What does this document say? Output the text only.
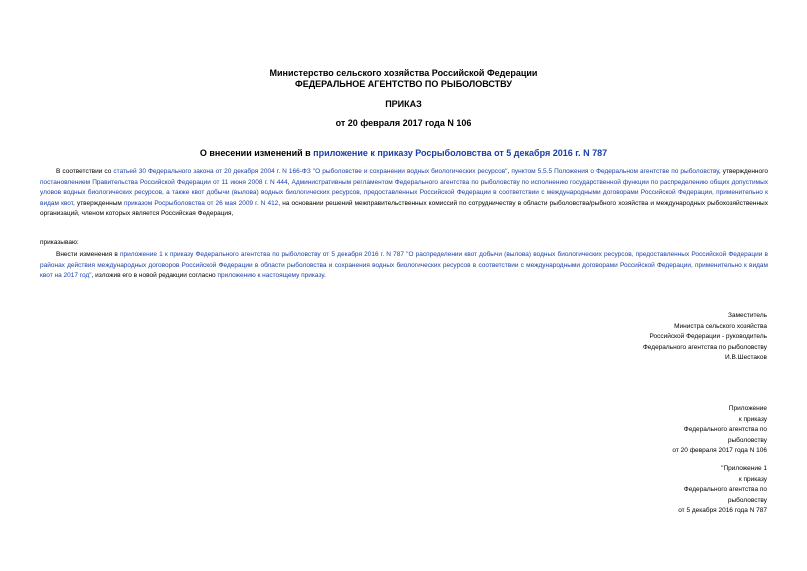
Министерство сельского хозяйства Российской Федерации
ФЕДЕРАЛЬНОЕ АГЕНТСТВО ПО РЫБОЛОВСТВУ
ПРИКАЗ
от 20 февраля 2017 года N 106
О внесении изменений в приложение к приказу Росрыболовства от 5 декабря 2016 г. N 787
В соответствии со статьей 30 Федерального закона от 20 декабря 2004 г. N 166-ФЗ "О рыболовстве и сохранении водных биологических ресурсов", пунктом 5.5.5 Положения о Федеральном агентстве по рыболовству, утвержденного постановлением Правительства Российской Федерации от 11 июня 2008 г. N 444, Административным регламентом Федерального агентства по рыболовству по исполнению государственной функции по распределению общих допустимых уловов водных биологических ресурсов, а также квот добычи (вылова) водных биологических ресурсов, предоставленных Российской Федерации в соответствии с международными договорами Российской Федерации, применительно к видам квот, утвержденным приказом Росрыболовства от 26 мая 2009 г. N 412, на основании решений межправительственных комиссий по сотрудничеству в области рыболовства/рыбного хозяйства и международных рыбохозяйственных организаций, членом которых является Российская Федерация,
приказываю:
Внести изменения в приложение 1 к приказу Федерального агентства по рыболовству от 5 декабря 2016 г. N 787 "О распределении квот добычи (вылова) водных биологических ресурсов, предоставленных Российской Федерации в районах действия международных договоров Российской Федерации в области рыболовства и сохранения водных биологических ресурсов в соответствии с международными договорами Российской Федерации, применительно к видам квот на 2017 год", изложив его в новой редакции согласно приложению к настоящему приказу.
Заместитель
Министра сельского хозяйства
Российской Федерации - руководитель
Федерального агентства по рыболовству
И.В.Шестаков
Приложение
к приказу
Федерального агентства по
рыболовству
от 20 февраля 2017 года N 106
"Приложение 1
к приказу
Федерального агентства по
рыболовству
от 5 декабря 2016 года N 787
